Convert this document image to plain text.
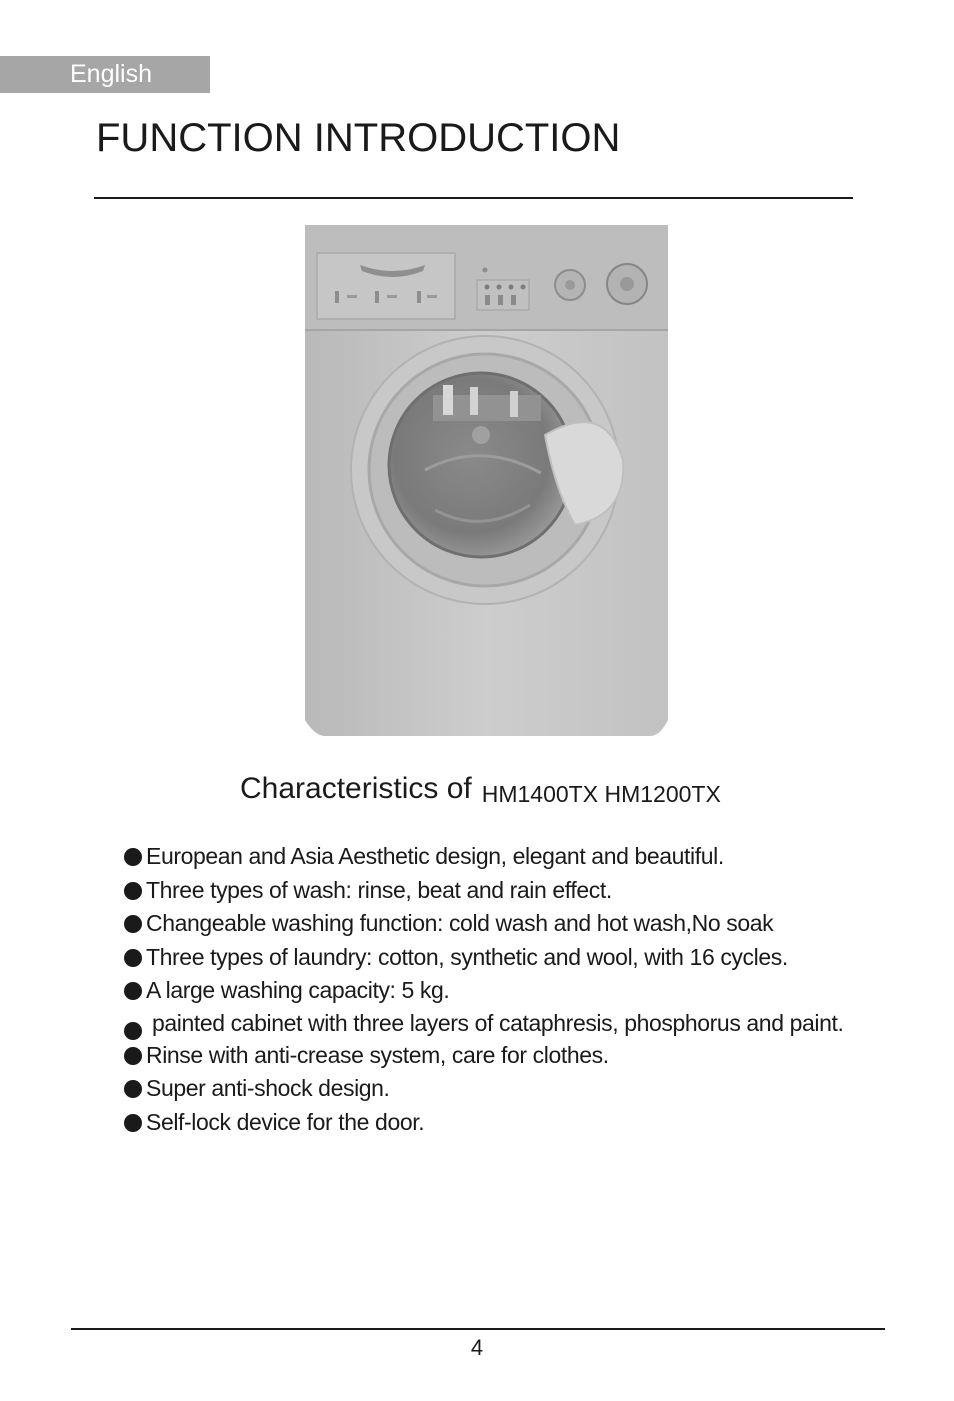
English
FUNCTION INTRODUCTION
Characteristics of HM1400TX HM1200TX
European and Asia Aesthetic design, elegant and beautiful.
Three types of wash: rinse, beat and rain effect.
Changeable washing function: cold wash and hot wash,No soak
Three types of laundry: cotton, synthetic and wool, with 16 cycles.
A large washing capacity: 5 kg.
painted cabinet with three layers of cataphresis, phosphorus and paint.
Rinse with anti-crease system, care for clothes.
Super anti-shock design.
Self-lock device for the door.
4
